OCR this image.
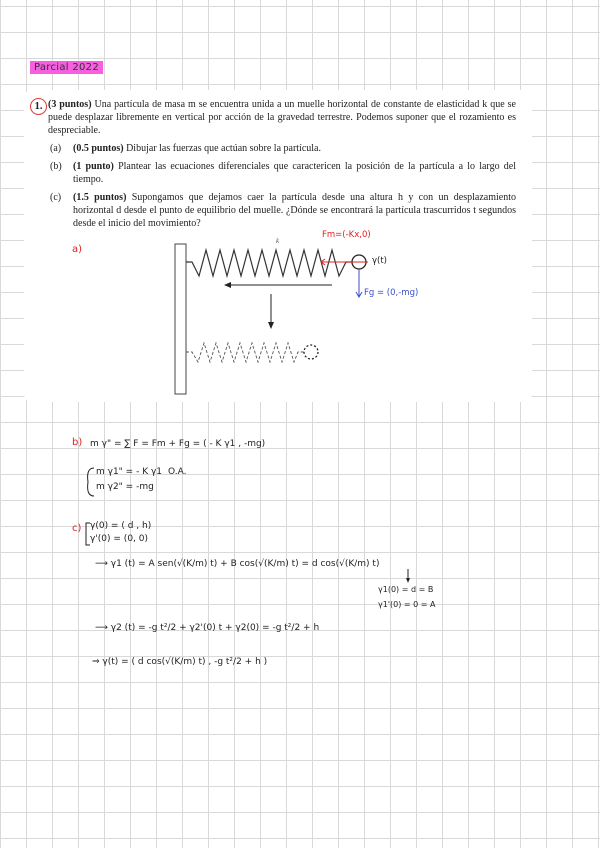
Parcial 2022
1. (3 puntos) Una partícula de masa m se encuentra unida a un muelle horizontal de constante de elasticidad k que se puede desplazar libremente en vertical por acción de la gravedad terrestre. Podemos suponer que el rozamiento es despreciable.

(a) (0.5 puntos) Dibujar las fuerzas que actúan sobre la partícula.

(b) (1 punto) Plantear las ecuaciones diferenciales que caractericen la posición de la partícula a lo largo del tiempo.

(c) (1.5 puntos) Supongamos que dejamos caer la partícula desde una altura h y con un desplazamiento horizontal d desde el punto de equilibrio del muelle. ¿Dónde se encontrará la partícula trascurridos t segundos desde el inicio del movimiento?

k
a)
Fm=(-Kx,0)
γ(t)
Fg = (0,-mg)
b) m γ" = ∑ F = Fm + Fg = ( - K γ1 , -mg)
m γ1" = - K γ1 O.A.
m γ2" = -mg
c) γ(0) = ( d , h)
γ'(0) = (0, 0)
⟶ γ1 (t) = A sen(√(K/m) t) + B cos(√(K/m) t) = d cos(√(K/m) t)
γ1(0) = d = B
γ1'(0) = 0 = A
⟶ γ2 (t) = -g t²/2 + γ2'(0) t + γ2(0) = -g t²/2 + h
⇒ γ(t) = ( d cos(√(K/m) t) , -g t²/2 + h )
